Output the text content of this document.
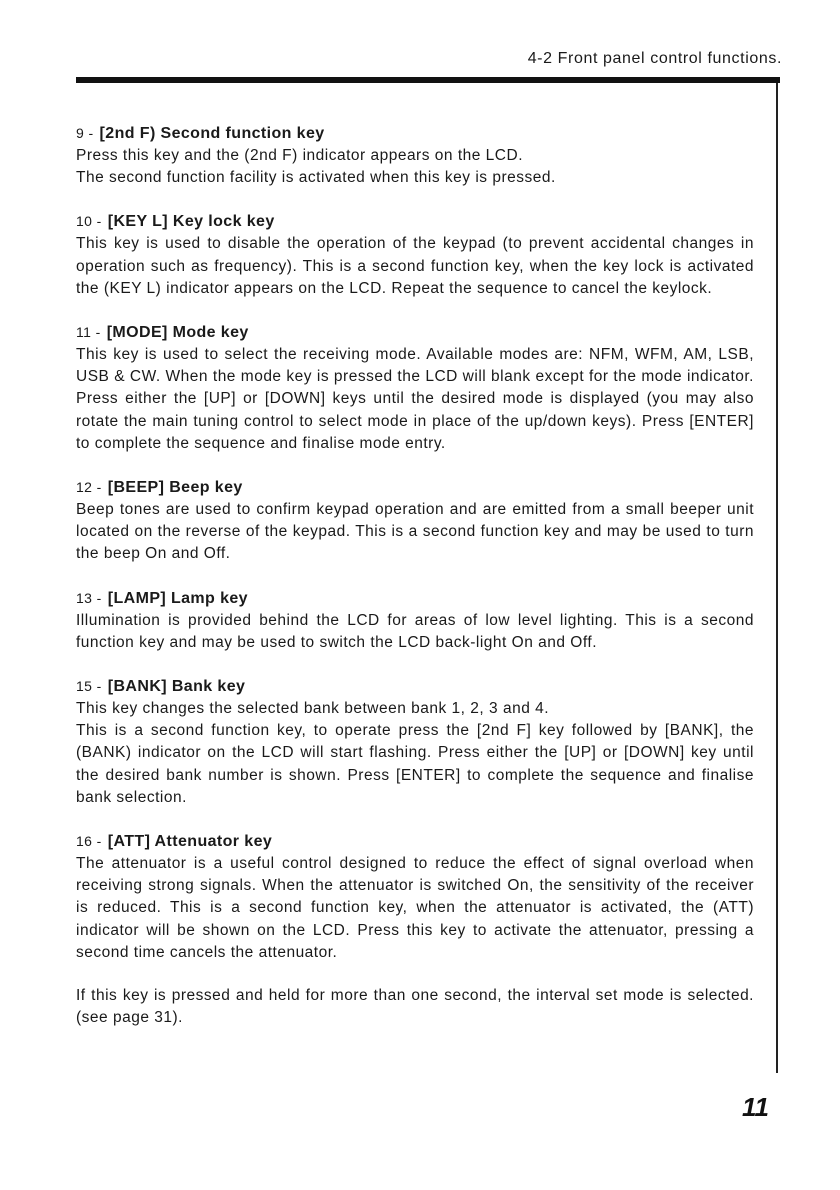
4-2 Front panel control functions.
9 - [2nd F) Second function key

Press this key and the (2nd F) indicator appears on the LCD.

The second function facility is activated when this key is pressed.

10 - [KEY L] Key lock key

This key is used to disable the operation of the keypad (to prevent accidental changes in operation such as frequency). This is a second function key, when the key lock is activated the (KEY L) indicator appears on the LCD. Repeat the sequence to cancel the keylock.

11 - [MODE] Mode key

This key is used to select the receiving mode. Available modes are: NFM, WFM, AM, LSB, USB & CW. When the mode key is pressed the LCD will blank except for the mode indicator. Press either the [UP] or [DOWN] keys until the desired mode is displayed (you may also rotate the main tuning control to select mode in place of the up/down keys). Press [ENTER] to complete the sequence and finalise mode entry.

12 - [BEEP] Beep key

Beep tones are used to confirm keypad operation and are emitted from a small beeper unit located on the reverse of the keypad. This is a second function key and may be used to turn the beep On and Off.

13 - [LAMP] Lamp key

Illumination is provided behind the LCD for areas of low level lighting. This is a second function key and may be used to switch the LCD back-light On and Off.

15 - [BANK] Bank key

This key changes the selected bank between bank 1, 2, 3 and 4.

This is a second function key, to operate press the [2nd F] key followed by [BANK], the (BANK) indicator on the LCD will start flashing. Press either the [UP] or [DOWN] key until the desired bank number is shown. Press [ENTER] to complete the sequence and finalise bank selection.

16 - [ATT] Attenuator key

The attenuator is a useful control designed to reduce the effect of signal overload when receiving strong signals. When the attenuator is switched On, the sensitivity of the receiver is reduced. This is a second function key, when the attenuator is activated, the (ATT) indicator will be shown on the LCD. Press this key to activate the attenuator, pressing a second time cancels the attenuator.

If this key is pressed and held for more than one second, the interval set mode is selected. (see page 31).

11
